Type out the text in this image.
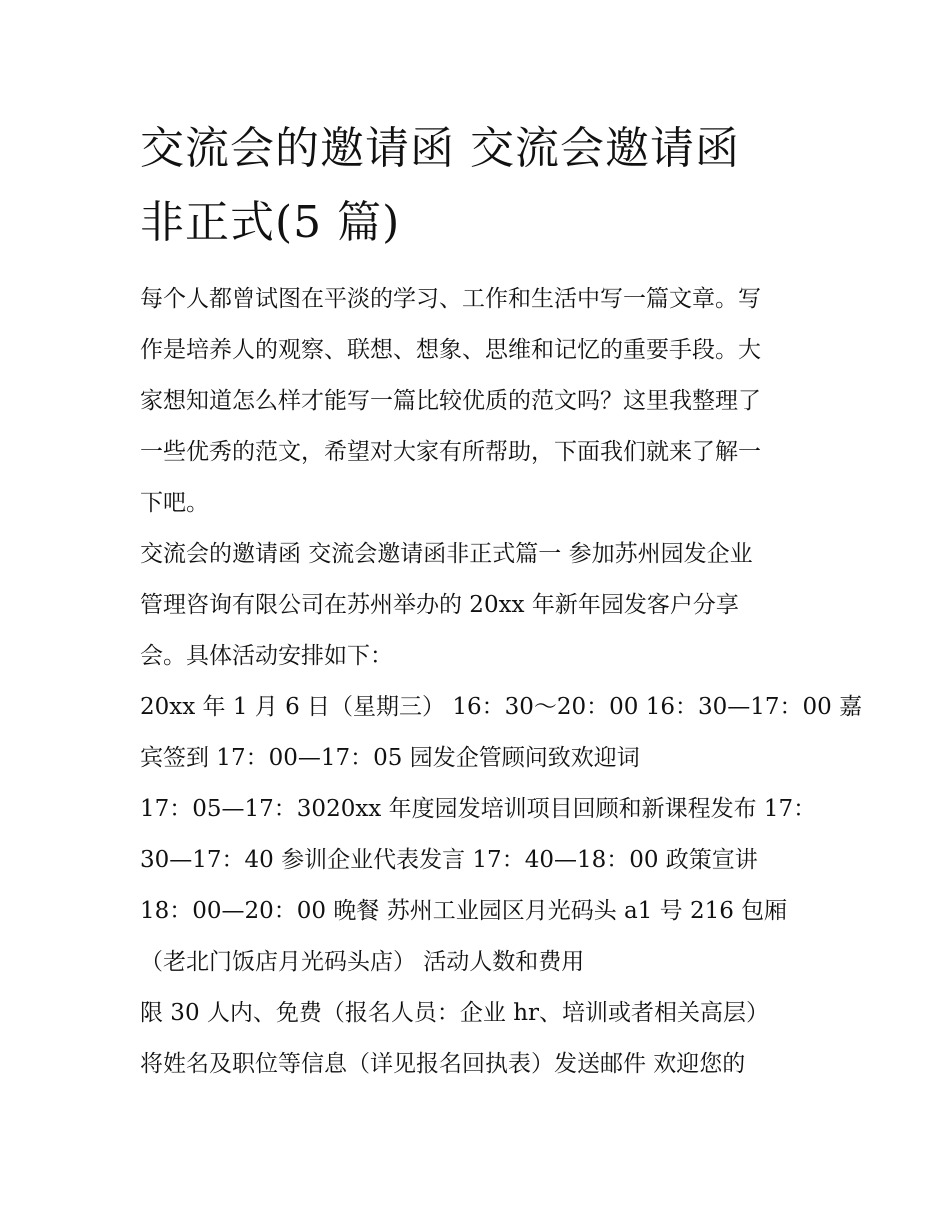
交流会的邀请函 交流会邀请函
非正式(5 篇)

每个人都曾试图在平淡的学习、工作和生活中写一篇文章。写
作是培养人的观察、联想、想象、思维和记忆的重要手段。大
家想知道怎么样才能写一篇比较优质的范文吗？这里我整理了
一些优秀的范文，希望对大家有所帮助，下面我们就来了解一
下吧。

交流会的邀请函 交流会邀请函非正式篇一 参加苏州园发企业
管理咨询有限公司在苏州举办的 20xx 年新年园发客户分享
会。具体活动安排如下：

20xx 年 1 月 6 日（星期三） 16：30～20：00 16：30—17：00 嘉
宾签到 17：00—17：05 园发企管顾问致欢迎词

17：05—17：3020xx 年度园发培训项目回顾和新课程发布 17：
30—17：40 参训企业代表发言 17：40—18：00 政策宣讲

18：00—20：00 晚餐 苏州工业园区月光码头 a1 号 216 包厢
（老北门饭店月光码头店） 活动人数和费用

限 30 人内、免费（报名人员：企业 hr、培训或者相关高层）
将姓名及职位等信息（详见报名回执表）发送邮件 欢迎您的
